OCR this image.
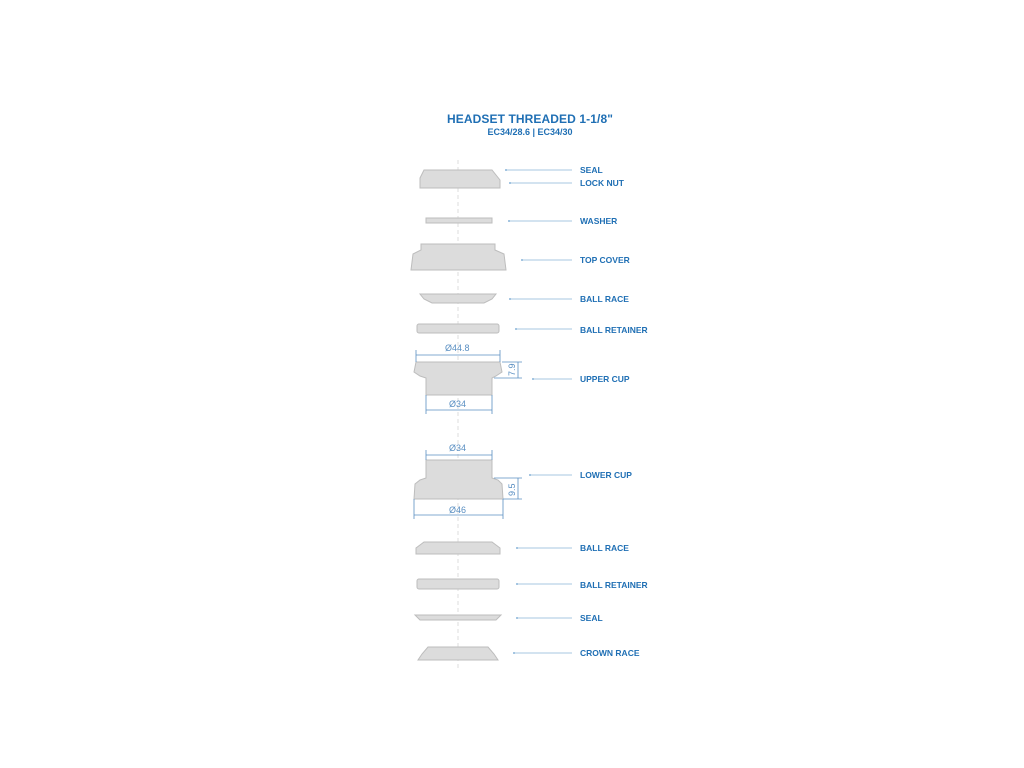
HEADSET THREADED 1-1/8"
EC34/28.6 | EC34/30
SEAL
LOCK NUT
WASHER
TOP COVER
BALL RACE
BALL RETAINER
Ø44.8
7.9
Ø34
UPPER CUP
Ø34
9.5
Ø46
LOWER CUP
BALL RACE
BALL RETAINER
SEAL
CROWN RACE
